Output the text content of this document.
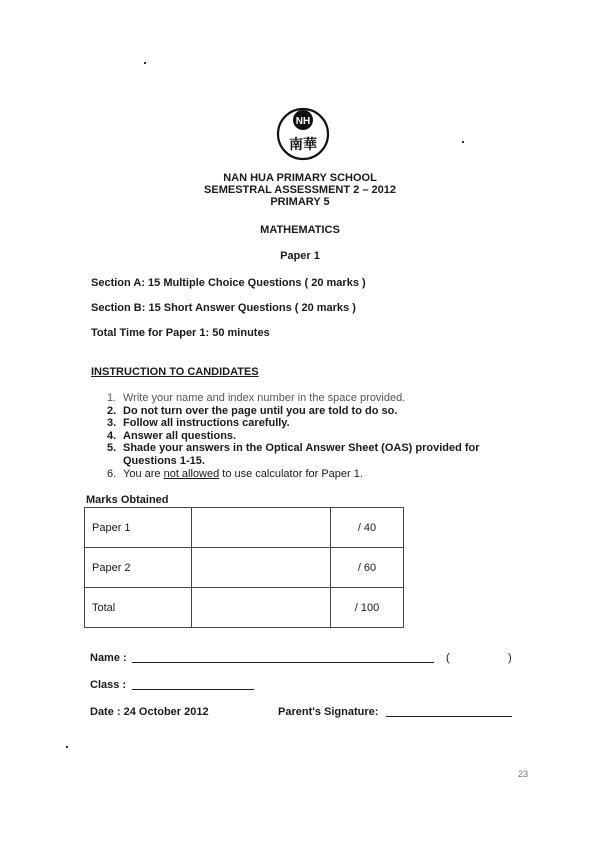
NH
南華
NAN HUA PRIMARY SCHOOL
SEMESTRAL ASSESSMENT 2 – 2012
PRIMARY 5
MATHEMATICS
Paper 1
Section A: 15 Multiple Choice Questions ( 20 marks )
Section B: 15 Short Answer Questions ( 20 marks )
Total Time for Paper 1: 50 minutes
INSTRUCTION TO CANDIDATES
1. Write your name and index number in the space provided.
2. Do not turn over the page until you are told to do so.
3. Follow all instructions carefully.
4. Answer all questions.
5. Shade your answers in the Optical Answer Sheet (OAS) provided for Questions 1-15.
6. You are not allowed to use calculator for Paper 1.
Marks Obtained
Paper 1		/ 40
Paper 2		/ 60
Total		/ 100
Name :	(	)
Class :
Date : 24 October 2012	Parent's Signature:
23
